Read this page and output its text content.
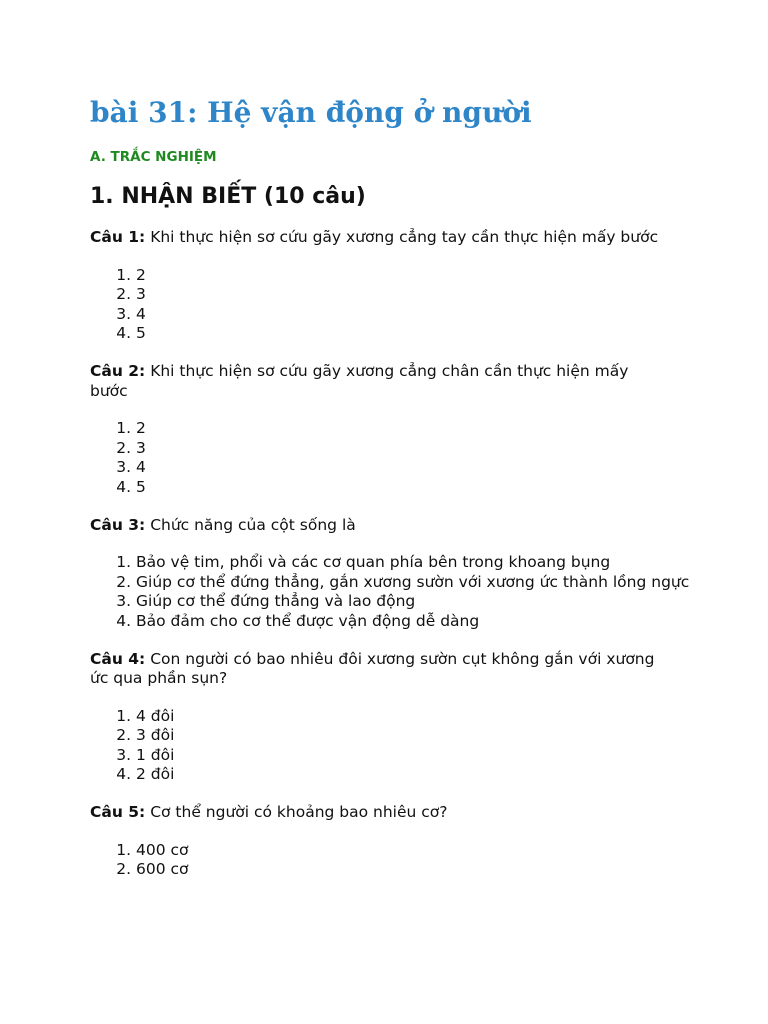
bài 31: Hệ vận động ở người
A. TRẮC NGHIỆM
1. NHẬN BIẾT (10 câu)

Câu 1: Khi thực hiện sơ cứu gãy xương cẳng tay cần thực hiện mấy bước

1. 2
2. 3
3. 4
4. 5

Câu 2: Khi thực hiện sơ cứu gãy xương cẳng chân cần thực hiện mấy bước

1. 2
2. 3
3. 4
4. 5

Câu 3: Chức năng của cột sống là

1. Bảo vệ tim, phổi và các cơ quan phía bên trong khoang bụng
2. Giúp cơ thể đứng thẳng, gắn xương sườn với xương ức thành lồng ngực
3. Giúp cơ thể đứng thẳng và lao động
4. Bảo đảm cho cơ thể được vận động dễ dàng

Câu 4: Con người có bao nhiêu đôi xương sườn cụt không gắn với xương ức qua phần sụn?

1. 4 đôi
2. 3 đôi
3. 1 đôi
4. 2 đôi

Câu 5: Cơ thể người có khoảng bao nhiêu cơ?

1. 400 cơ
2. 600 cơ
